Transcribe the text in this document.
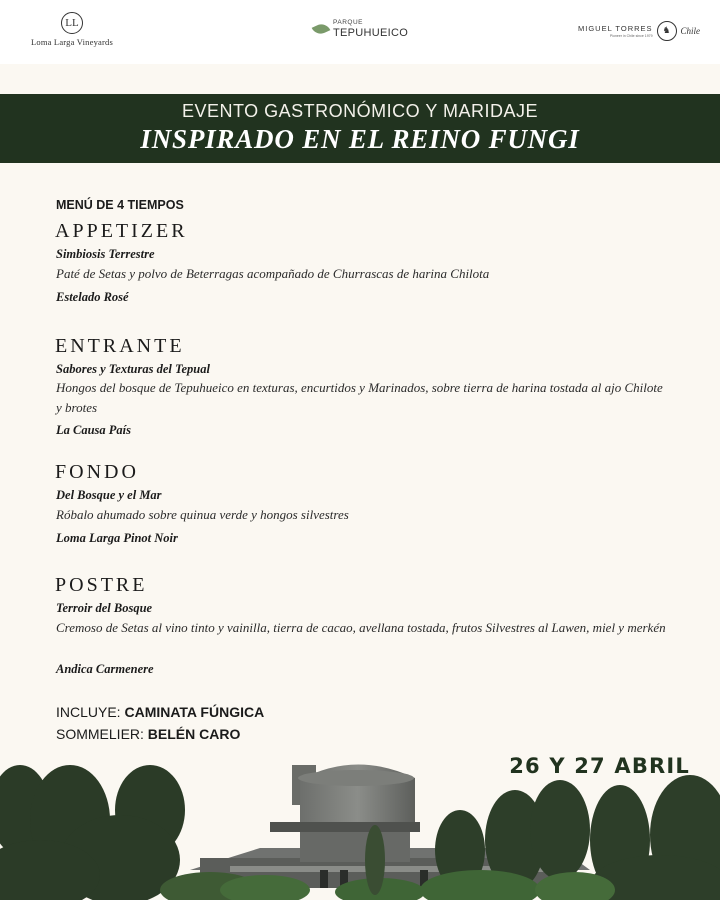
LL
Loma Larga Vineyards
PARQUE
TEPUHUEICO	MIGUEL TORRES
Pioneer in Chile since 1979	♞	Chile
EVENTO GASTRONÓMICO Y MARIDAJE
INSPIRADO EN EL REINO FUNGI
MENÚ DE 4 TIEMPOS
APPETIZER
Simbiosis Terrestre
Paté de Setas y polvo de Beterragas acompañado de Churrascas de harina Chilota
Estelado Rosé
ENTRANTE
Sabores y Texturas del Tepual
Hongos del bosque de Tepuhueico en texturas, encurtidos y Marinados, sobre tierra de harina tostada al ajo Chilote y brotes
La Causa País
FONDO
Del Bosque y el Mar
Róbalo ahumado sobre quinua verde y hongos silvestres
Loma Larga Pinot Noir
POSTRE
Terroir del Bosque
Cremoso de Setas al vino tinto y vainilla, tierra de cacao, avellana tostada, frutos Silvestres al Lawen, miel y merkén
Andica Carmenere
INCLUYE: CAMINATA FÚNGICA
SOMMELIER: BELÉN CARO
26 Y 27 ABRIL
